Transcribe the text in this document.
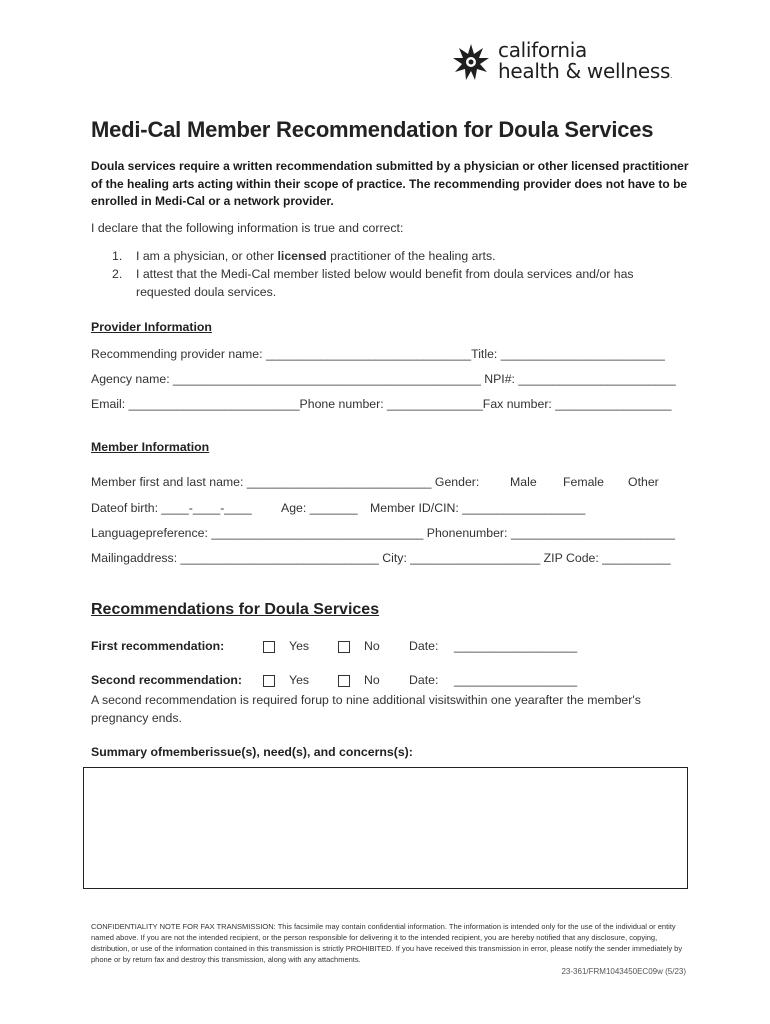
california
health & wellness.
Medi-Cal Member Recommendation for Doula Services
Doula services require a written recommendation submitted by a physician or other licensed practitioner of the healing arts acting within their scope of practice. The recommending provider does not have to be enrolled in Medi-Cal or a network provider.
I declare that the following information is true and correct:
1. I am a physician, or other licensed practitioner of the healing arts.
2. I attest that the Medi-Cal member listed below would benefit from doula services and/or has requested doula services.
Provider Information
Recommending provider name: ______________________________Title: ________________________
Agency name: _____________________________________________ NPI#: _______________________
Email: _________________________Phone number: ______________Fax number: _________________
Member Information
Member first and last name: ___________________________ Gender: Male Female Other
Dateof birth: ____-____-____ Age: _______ Member ID/CIN: __________________
Languagepreference: _______________________________ Phonenumber: ________________________
Mailingaddress: _____________________________ City: ___________________ ZIP Code: __________
Recommendations for Doula Services
First recommendation:	Yes	No Date: __________________
Second recommendation:	Yes	No Date: __________________
A second recommendation is required forup to nine additional visitswithin one yearafter the member's pregnancy ends.
Summary ofmemberissue(s), need(s), and concerns(s):
CONFIDENTIALITY NOTE FOR FAX TRANSMISSION: This facsimile may contain confidential information. The information is intended only for the use of the individual or entity named above. If you are not the intended recipient, or the person responsible for delivering it to the intended recipient, you are hereby notified that any disclosure, copying, distribution, or use of the information contained in this transmission is strictly PROHIBITED. If you have received this transmission in error, please notify the sender immediately by phone or by return fax and destroy this transmission, along with any attachments.
23-361/FRM1043450EC09w (5/23)
